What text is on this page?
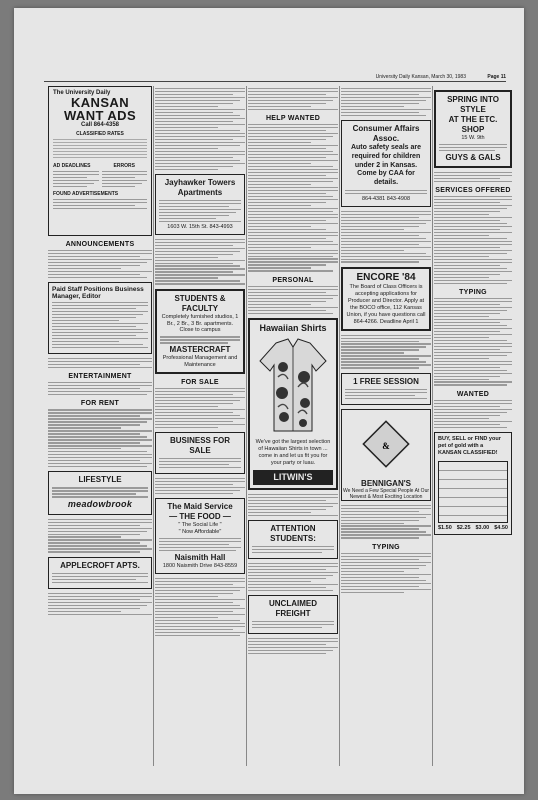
University Daily Kansan, March 30, 1983	Page 11
The University Daily
KANSAN WANT ADS
Call 864-4358
CLASSIFIED RATES
AD DEADLINES	ERRORS
FOUND ADVERTISEMENTS
ANNOUNCEMENTS
Paid Staff Positions Business Manager, Editor
ENTERTAINMENT
FOR RENT
LIFESTYLE
meadowbrook
APPLECROFT APTS.
Jayhawker Towers Apartments
1603 W. 15th St. 843-4993
STUDENTS & FACULTY
Completely furnished studios, 1 Br., 2 Br., 3 Br. apartments. Close to campus
MASTERCRAFT
Professional Management and Maintenance
FOR SALE
BUSINESS FOR SALE
The Maid Service
— THE FOOD —
" The Social Life "
" Now Affordable"
Naismith Hall
1800 Naismith Drive 843-8559
HELP WANTED
PERSONAL
Hawaiian Shirts
We've got the largest selection of Hawaiian Shirts in town ... come in and let us fit you for your party or luau.
LITWIN'S
ATTENTION STUDENTS:
UNCLAIMED FREIGHT
Consumer Affairs Assoc.
Auto safety seals are required for children under 2 in Kansas. Come by CAA for details.
864-4381 843-4908
ENCORE '84
The Board of Class Officers is accepting applications for Producer and Director. Apply at the BOCO office, 112 Kansas Union, if you have questions call 864-4266. Deadline April 1
1 FREE SESSION
&
BENNIGAN'S
We Need a Few Special People At Our Newest & Most Exciting Location
TYPING
SPRING INTO STYLE
AT THE ETC. SHOP
15 W. 9th
GUYS & GALS
SERVICES OFFERED
TYPING
WANTED
BUY, SELL or FIND your pet of gold with a KANSAN CLASSIFIED!
$1.50 $2.25 $3.00 $4.50
